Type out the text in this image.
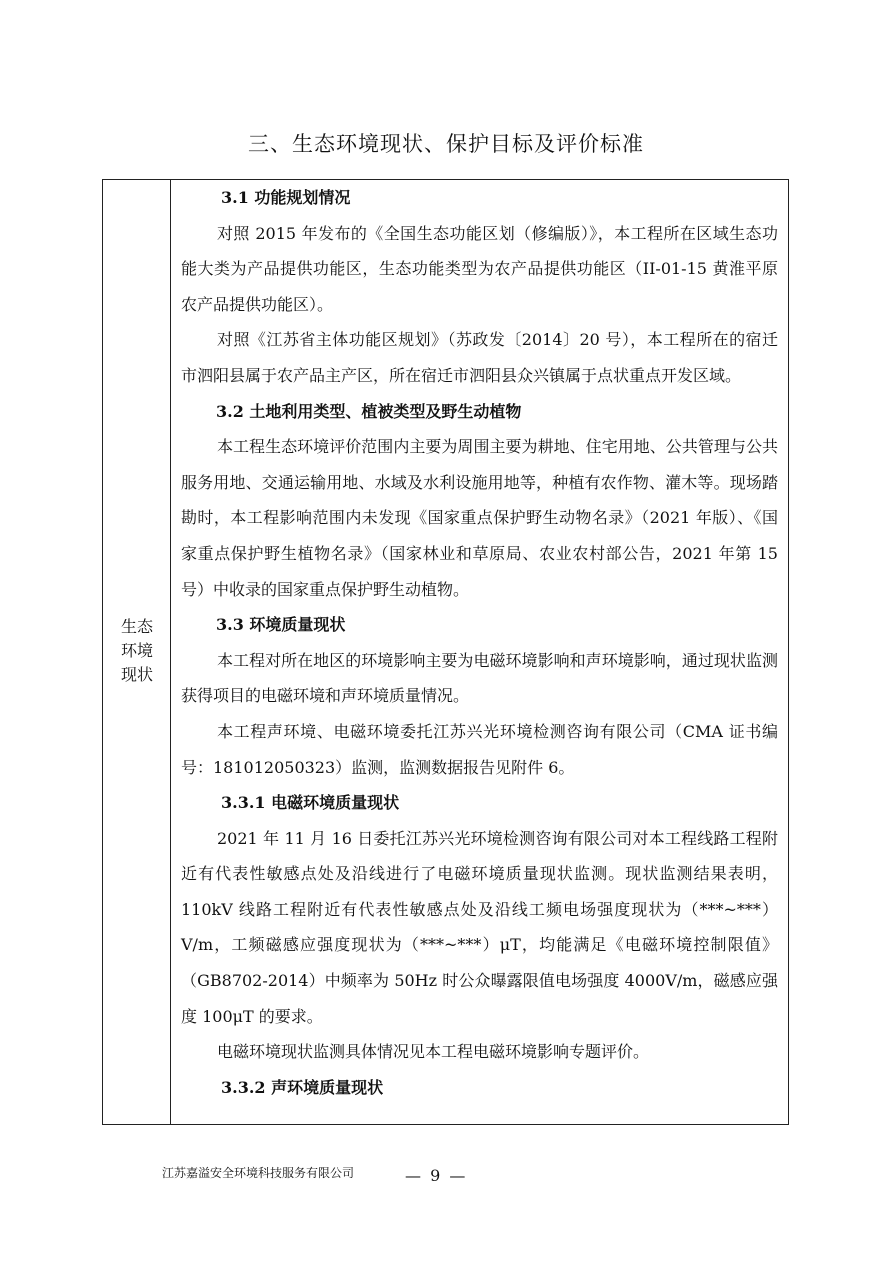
三、生态环境现状、保护目标及评价标准
生态
环境
现状

3.1 功能规划情况

对照 2015 年发布的《全国生态功能区划（修编版）》，本工程所在区域生态功能大类为产品提供功能区，生态功能类型为农产品提供功能区（II-01-15 黄淮平原农产品提供功能区）。

对照《江苏省主体功能区规划》（苏政发〔2014〕20 号），本工程所在的宿迁市泗阳县属于农产品主产区，所在宿迁市泗阳县众兴镇属于点状重点开发区域。

3.2 土地利用类型、植被类型及野生动植物

本工程生态环境评价范围内主要为周围主要为耕地、住宅用地、公共管理与公共服务用地、交通运输用地、水域及水利设施用地等，种植有农作物、灌木等。现场踏勘时，本工程影响范围内未发现《国家重点保护野生动物名录》（2021 年版）、《国家重点保护野生植物名录》（国家林业和草原局、农业农村部公告，2021 年第 15 号）中收录的国家重点保护野生动植物。

3.3 环境质量现状

本工程对所在地区的环境影响主要为电磁环境影响和声环境影响，通过现状监测获得项目的电磁环境和声环境质量情况。

本工程声环境、电磁环境委托江苏兴光环境检测咨询有限公司（CMA 证书编号：181012050323）监测，监测数据报告见附件 6。

3.3.1 电磁环境质量现状

2021 年 11 月 16 日委托江苏兴光环境检测咨询有限公司对本工程线路工程附近有代表性敏感点处及沿线进行了电磁环境质量现状监测。现状监测结果表明，110kV 线路工程附近有代表性敏感点处及沿线工频电场强度现状为（***~***）V/m，工频磁感应强度现状为（***~***）μT，均能满足《电磁环境控制限值》（GB8702-2014）中频率为 50Hz 时公众曝露限值电场强度 4000V/m，磁感应强度 100μT 的要求。

电磁环境现状监测具体情况见本工程电磁环境影响专题评价。

3.3.2 声环境质量现状

江苏嘉溢安全环境科技服务有限公司	— 9 —
